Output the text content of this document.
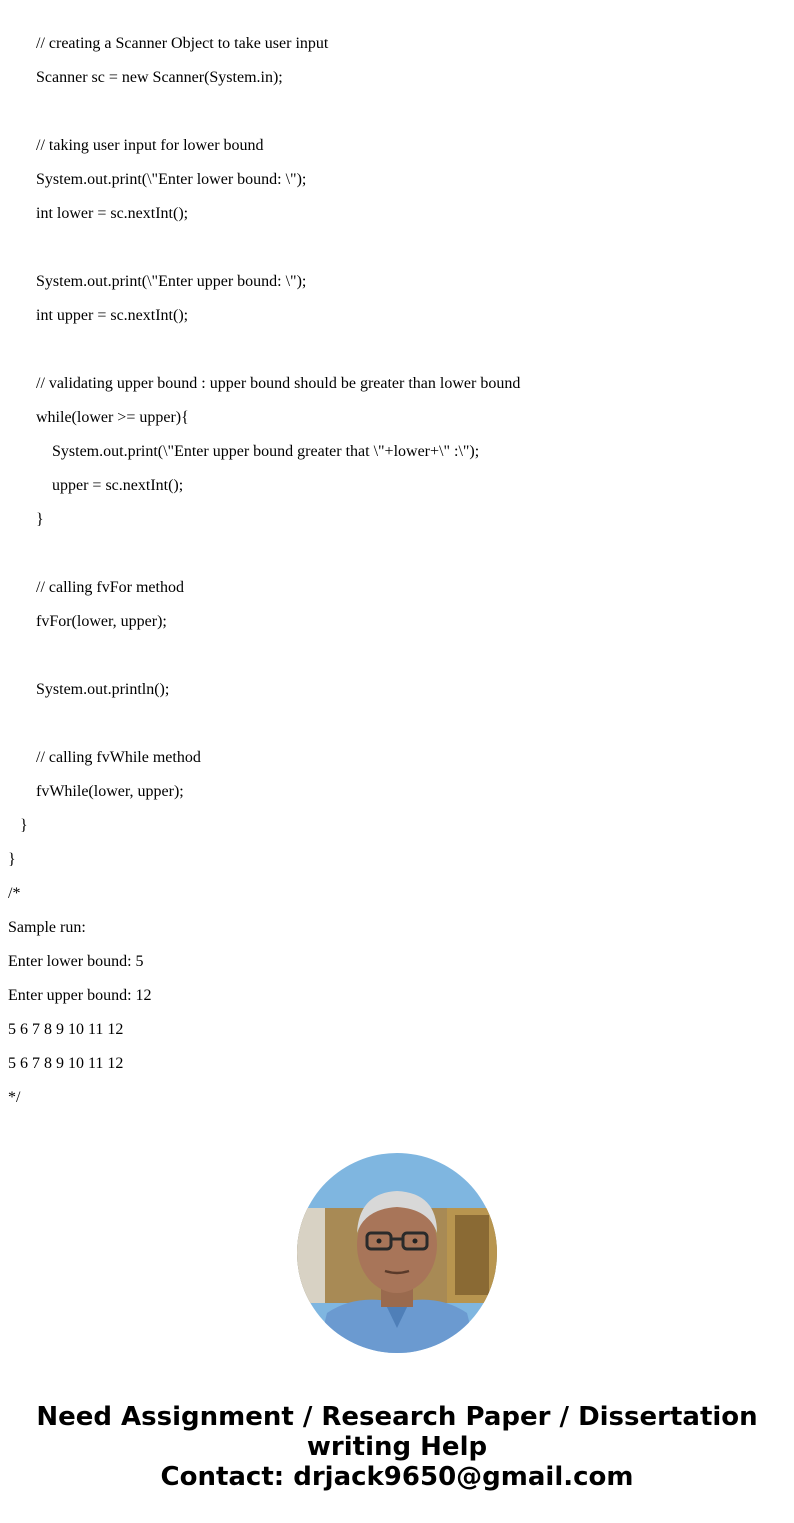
// creating a Scanner Object to take user input
Scanner sc = new Scanner(System.in);
// taking user input for lower bound
System.out.print(\"Enter lower bound: \");
int lower = sc.nextInt();
System.out.print(\"Enter upper bound: \");
int upper = sc.nextInt();
// validating upper bound : upper bound should be greater than lower bound
while(lower >= upper){
System.out.print(\"Enter upper bound greater that \"+lower+\" :\");
upper = sc.nextInt();
}
// calling fvFor method
fvFor(lower, upper);
System.out.println();
// calling fvWhile method
fvWhile(lower, upper);
}
}
/*
Sample run:
Enter lower bound: 5
Enter upper bound: 12
5 6 7 8 9 10 11 12
5 6 7 8 9 10 11 12
*/
Need Assignment / Research Paper / Dissertation
writing Help
Contact: drjack9650@gmail.com
